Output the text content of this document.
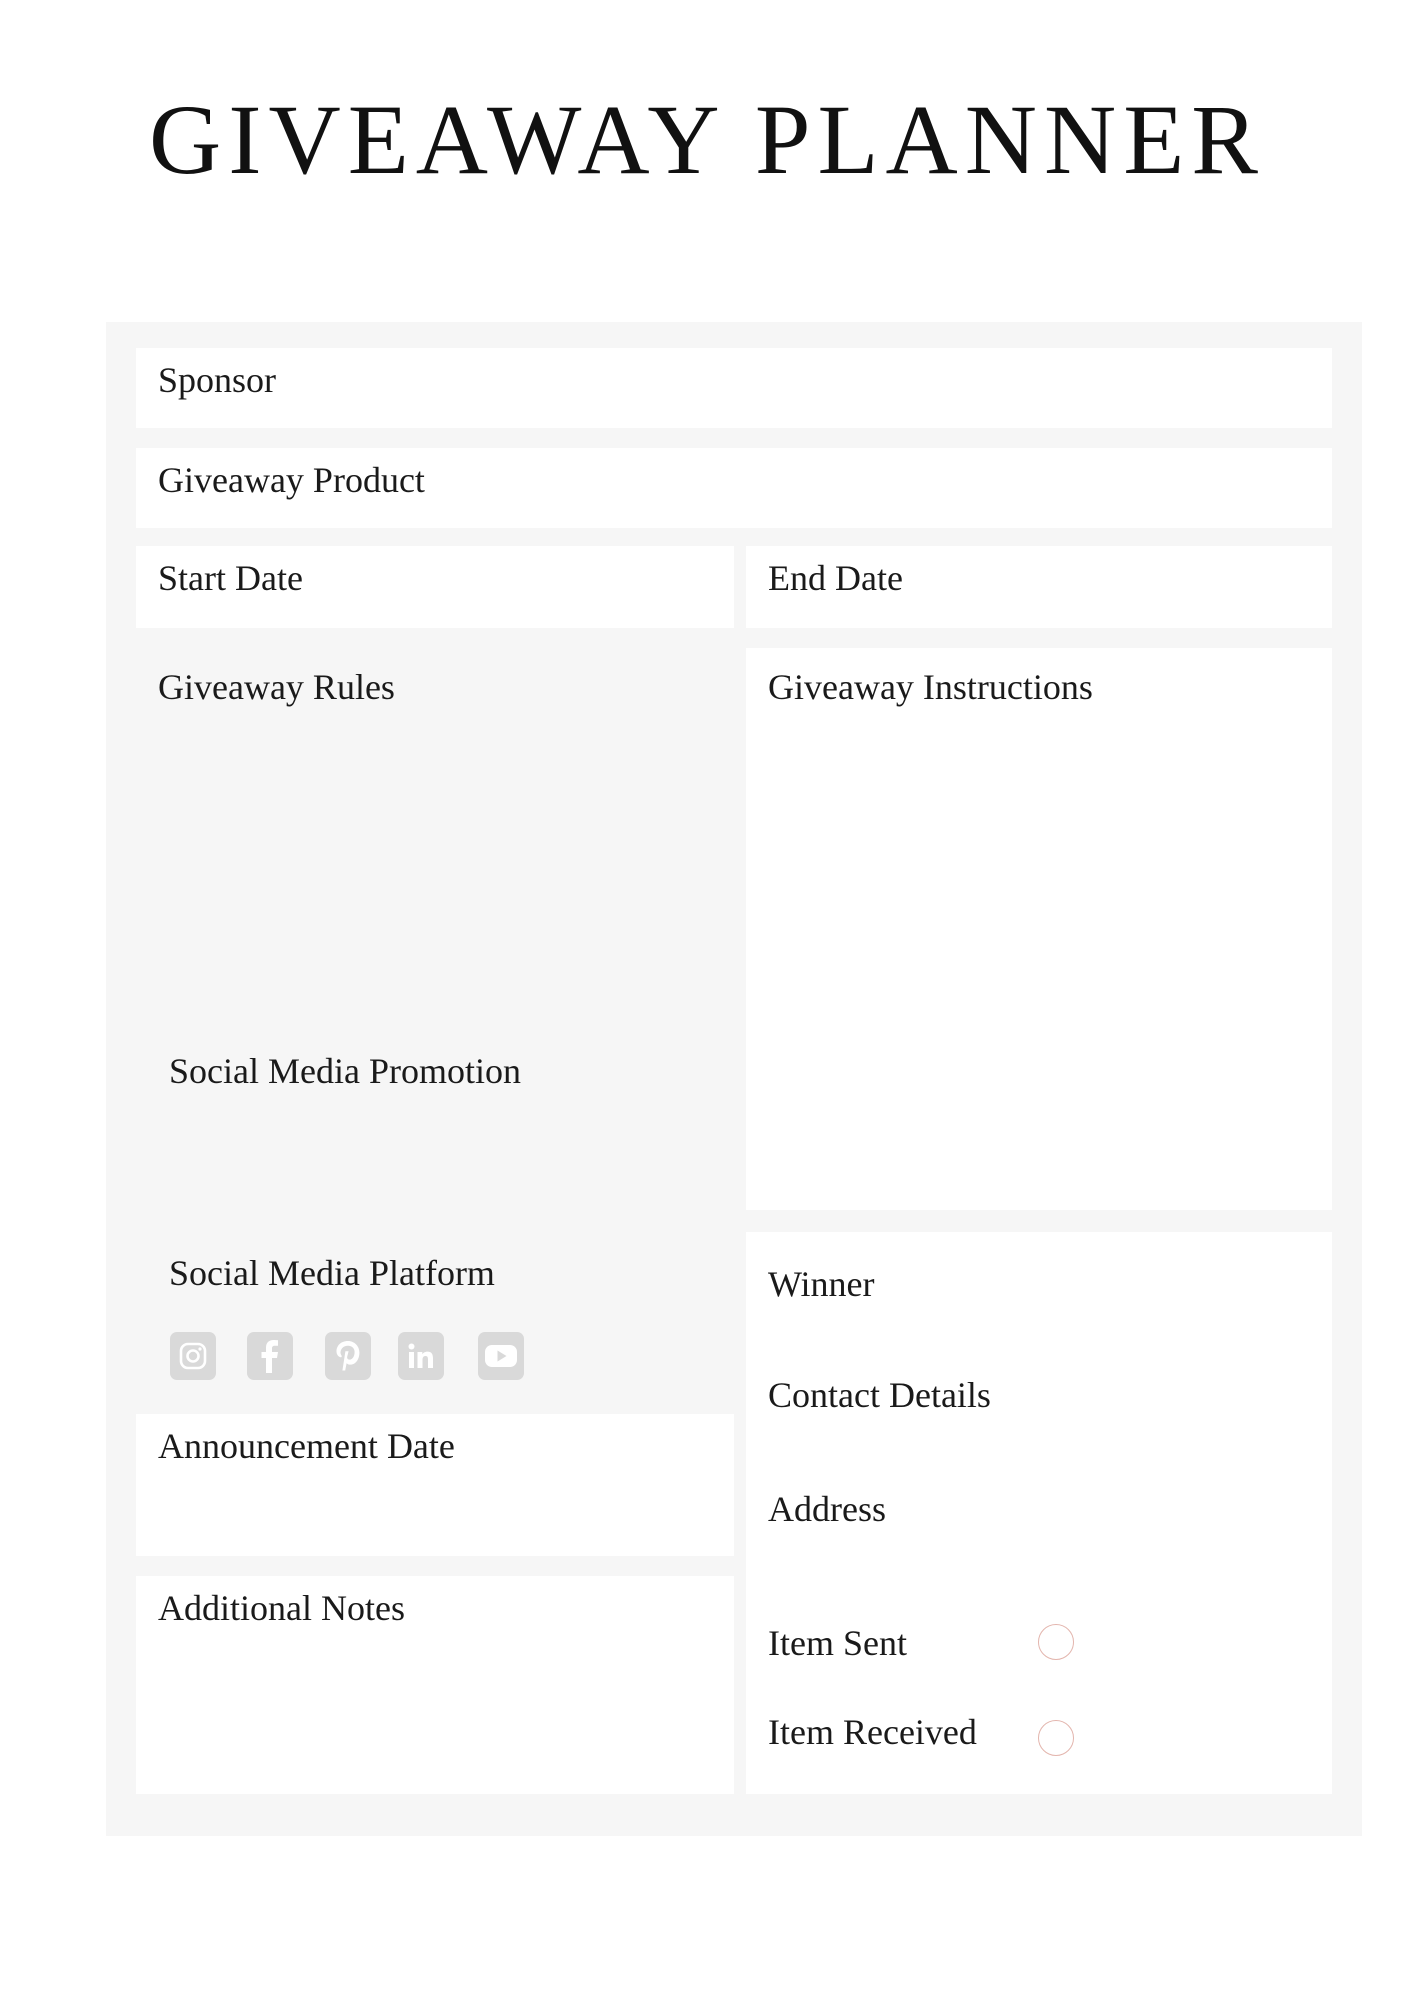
GIVEAWAY PLANNER
Sponsor
Giveaway Product
Start Date	End Date
Giveaway Rules
Social Media Promotion
Social Media Platform
Announcement Date
Additional Notes
Giveaway Instructions
Winner
Contact Details
Address
Item Sent
Item Received
